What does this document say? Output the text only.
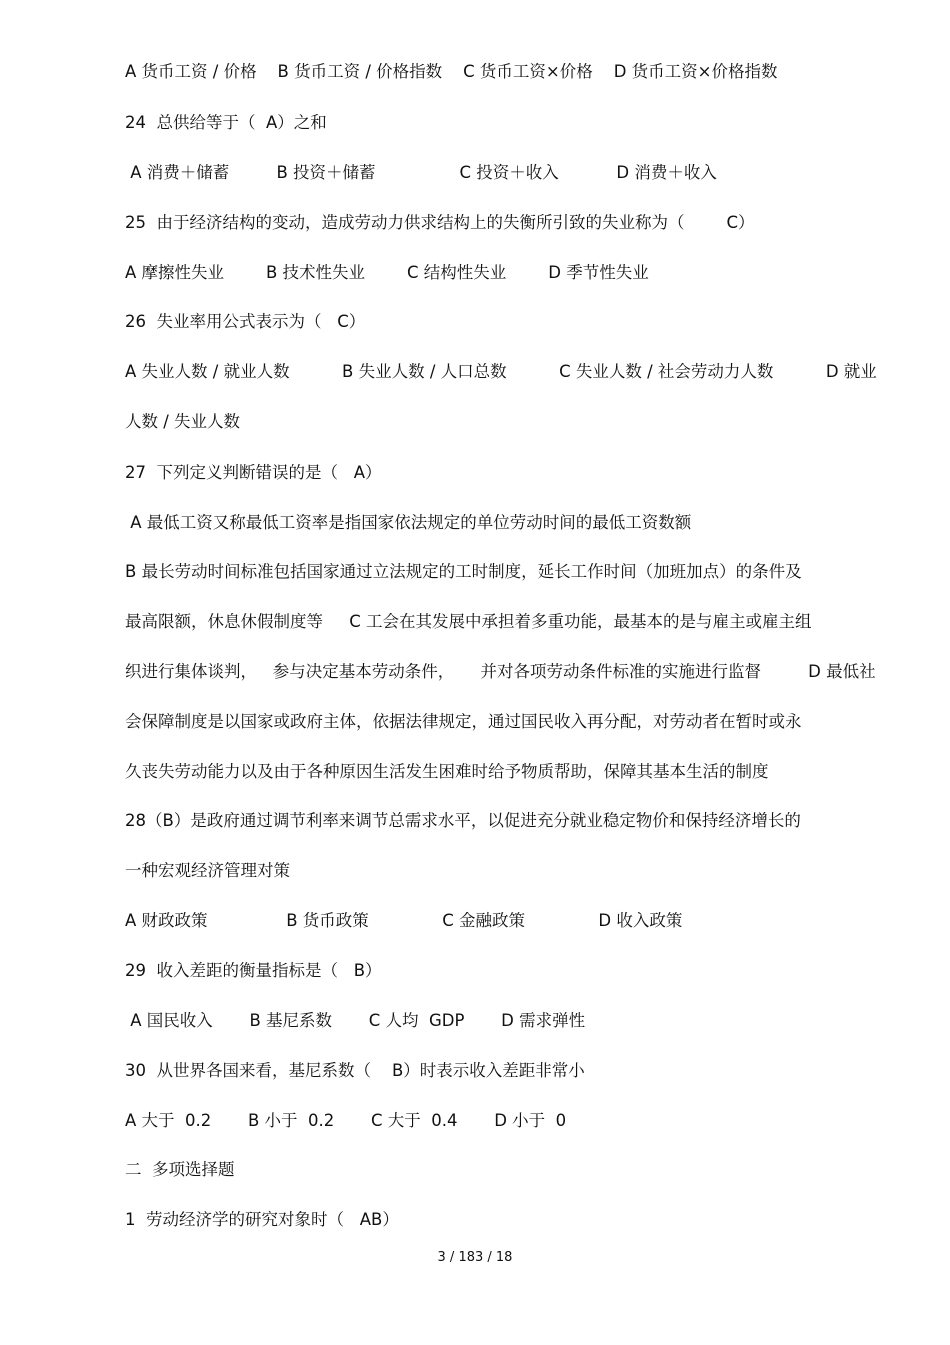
A 货币工资 / 价格    B 货币工资 / 价格指数    C 货币工资×价格    D 货币工资×价格指数
24  总供给等于（  A）之和
A 消费＋储蓄         B 投资＋储蓄                C 投资＋收入           D 消费＋收入
25  由于经济结构的变动，造成劳动力供求结构上的失衡所引致的失业称为（        C）
A 摩擦性失业        B 技术性失业        C 结构性失业        D 季节性失业
26  失业率用公式表示为（   C）
A 失业人数 / 就业人数          B 失业人数 / 人口总数          C 失业人数 / 社会劳动力人数          D 就业
人数 / 失业人数
27  下列定义判断错误的是（   A）
A 最低工资又称最低工资率是指国家依法规定的单位劳动时间的最低工资数额
B 最长劳动时间标准包括国家通过立法规定的工时制度，延长工作时间（加班加点）的条件及
最高限额，休息休假制度等     C 工会在其发展中承担着多重功能，最基本的是与雇主或雇主组
织进行集体谈判，   参与决定基本劳动条件，     并对各项劳动条件标准的实施进行监督         D 最低社
会保障制度是以国家或政府主体，依据法律规定，通过国民收入再分配，对劳动者在暂时或永
久丧失劳动能力以及由于各种原因生活发生困难时给予物质帮助，保障其基本生活的制度
28（B）是政府通过调节利率来调节总需求水平，以促进充分就业稳定物价和保持经济增长的
一种宏观经济管理对策
A 财政政策               B 货币政策              C 金融政策              D 收入政策
29  收入差距的衡量指标是（   B）
A 国民收入       B 基尼系数       C 人均  GDP       D 需求弹性
30  从世界各国来看，基尼系数（    B）时表示收入差距非常小
A 大于  0.2       B 小于  0.2       C 大于  0.4       D 小于  0
二  多项选择题
1  劳动经济学的研究对象时（   AB）
3 / 183 / 18
